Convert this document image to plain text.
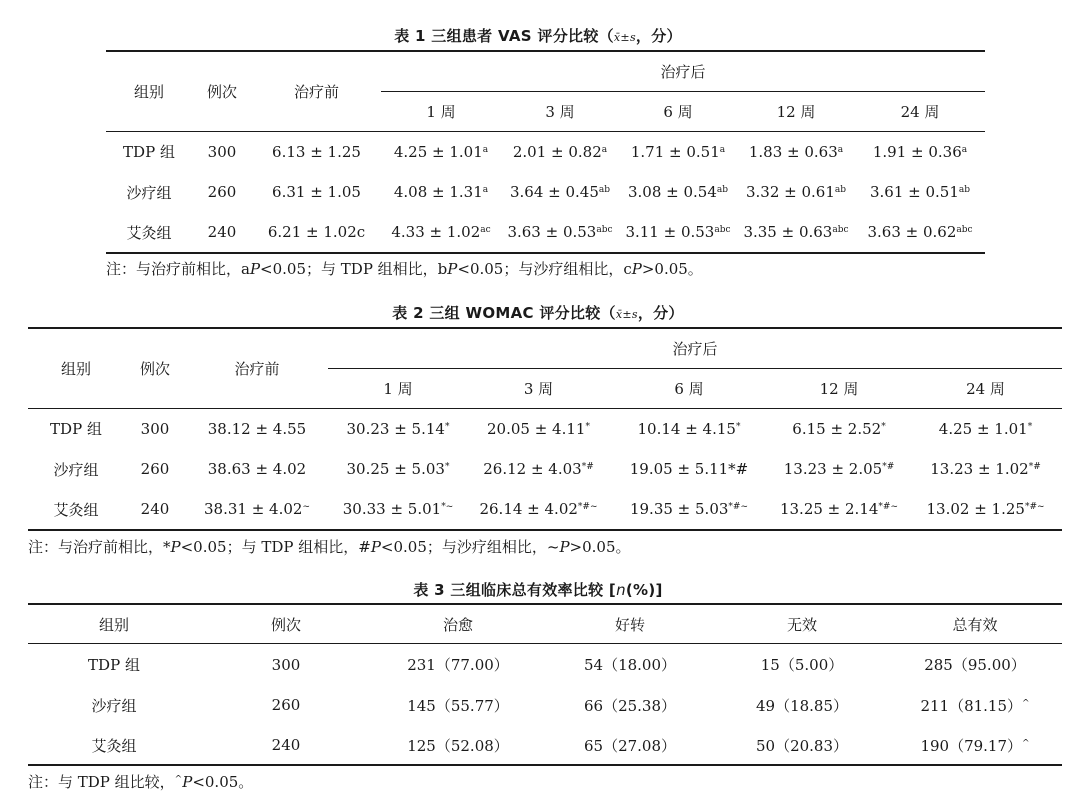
表 1 三组患者 VAS 评分比较（x̄±s，分）
组别	例次	治疗前	治疗后				
			1 周	3 周	6 周	12 周	24 周
TDP 组	300	6.13 ± 1.25	4.25 ± 1.01$^a$	2.01 ± 0.82$^a$	1.71 ± 0.51$^a$	1.83 ± 0.63$^a$	1.91 ± 0.36$^a$
沙疗组	260	6.31 ± 1.05	4.08 ± 1.31$^a$	3.64 ± 0.45$^{ab}$	3.08 ± 0.54$^{ab}$	3.32 ± 0.61$^{ab}$	3.61 ± 0.51$^{ab}$
艾灸组	240	6.21 ± 1.02c	4.33 ± 1.02$^{ac}$	3.63 ± 0.53$^{abc}$	3.11 ± 0.53$^{abc}$	3.35 ± 0.63$^{abc}$	3.63 ± 0.62$^{abc}$
注：与治疗前相比，aP<0.05；与 TDP 组相比，bP<0.05；与沙疗组相比，cP>0.05。
表 2 三组 WOMAC 评分比较（x̄±s，分）
组别	例次	治疗前	治疗后				
			1 周	3 周	6 周	12 周	24 周
TDP 组	300	38.12 ± 4.55	30.23 ± 5.14*	20.05 ± 4.11*	10.14 ± 4.15*	6.15 ± 2.52*	4.25 ± 1.01*
沙疗组	260	38.63 ± 4.02	30.25 ± 5.03*	26.12 ± 4.03*#	19.05 ± 5.11*#	13.23 ± 2.05*#	13.23 ± 1.02*#
艾灸组	240	38.31 ± 4.02~	30.33 ± 5.01*~	26.14 ± 4.02*#~	19.35 ± 5.03*#~	13.25 ± 2.14*#~	13.02 ± 1.25*#~
注：与治疗前相比，*P<0.05；与 TDP 组相比，#P<0.05；与沙疗组相比，~P>0.05。
表 3 三组临床总有效率比较 [n(%)]
组别	例次	治愈	好转	无效	总有效
TDP 组	300	231（77.00）	54（18.00）	15（5.00）	285（95.00）
沙疗组	260	145（55.77）	66（25.38）	49（18.85）	211（81.15）^
艾灸组	240	125（52.08）	65（27.08）	50（20.83）	190（79.17）^
注：与 TDP 组比较，^P<0.05。
